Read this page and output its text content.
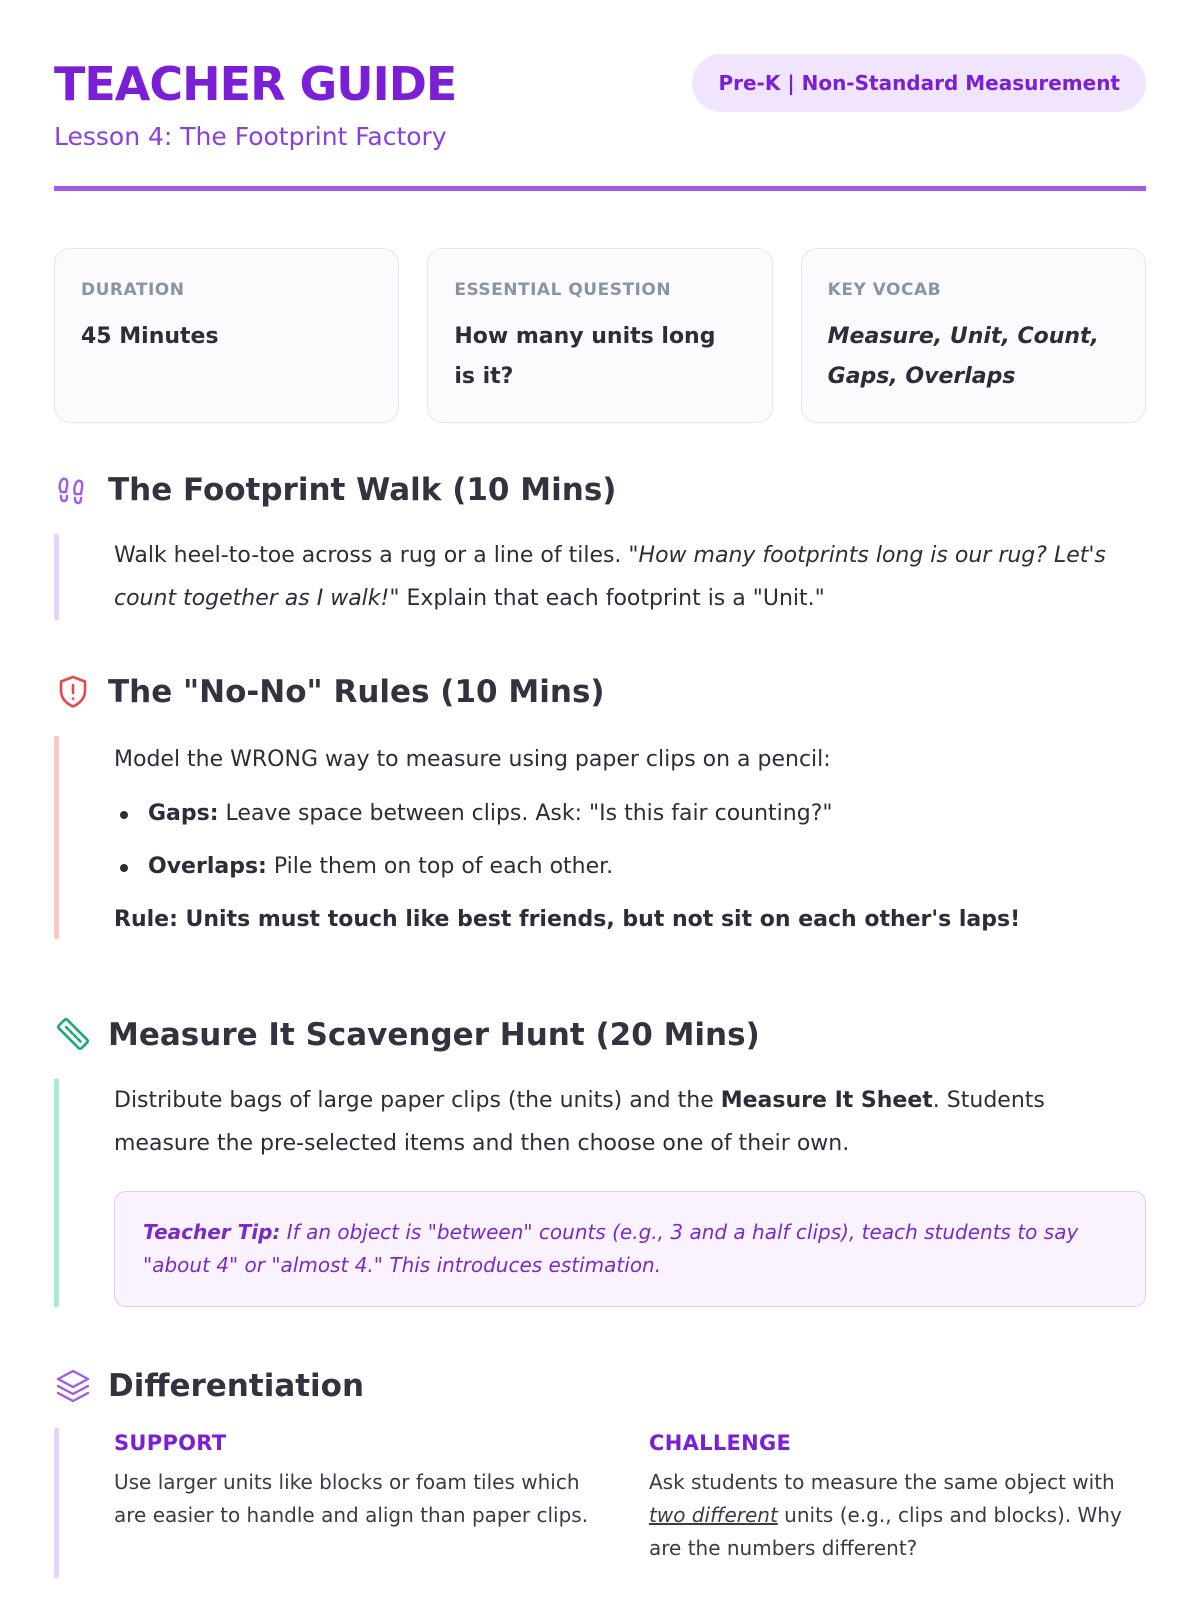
TEACHER GUIDE
Lesson 4: The Footprint Factory
Pre-K | Non-Standard Measurement
DURATION
45 Minutes
ESSENTIAL QUESTION
How many units long is it?
KEY VOCAB
Measure, Unit, Count, Gaps, Overlaps
The Footprint Walk (10 Mins)

Walk heel-to-toe across a rug or a line of tiles. "How many footprints long is our rug? Let's count together as I walk!" Explain that each footprint is a "Unit."

The "No-No" Rules (10 Mins)

Model the WRONG way to measure using paper clips on a pencil:

Gaps: Leave space between clips. Ask: "Is this fair counting?"
Overlaps: Pile them on top of each other.

Rule: Units must touch like best friends, but not sit on each other's laps!

Measure It Scavenger Hunt (20 Mins)

Distribute bags of large paper clips (the units) and the Measure It Sheet. Students measure the pre-selected items and then choose one of their own.

Teacher Tip: If an object is "between" counts (e.g., 3 and a half clips), teach students to say "about 4" or "almost 4." This introduces estimation.
Differentiation
SUPPORT

Use larger units like blocks or foam tiles which are easier to handle and align than paper clips.

CHALLENGE

Ask students to measure the same object with two different units (e.g., clips and blocks). Why are the numbers different?
